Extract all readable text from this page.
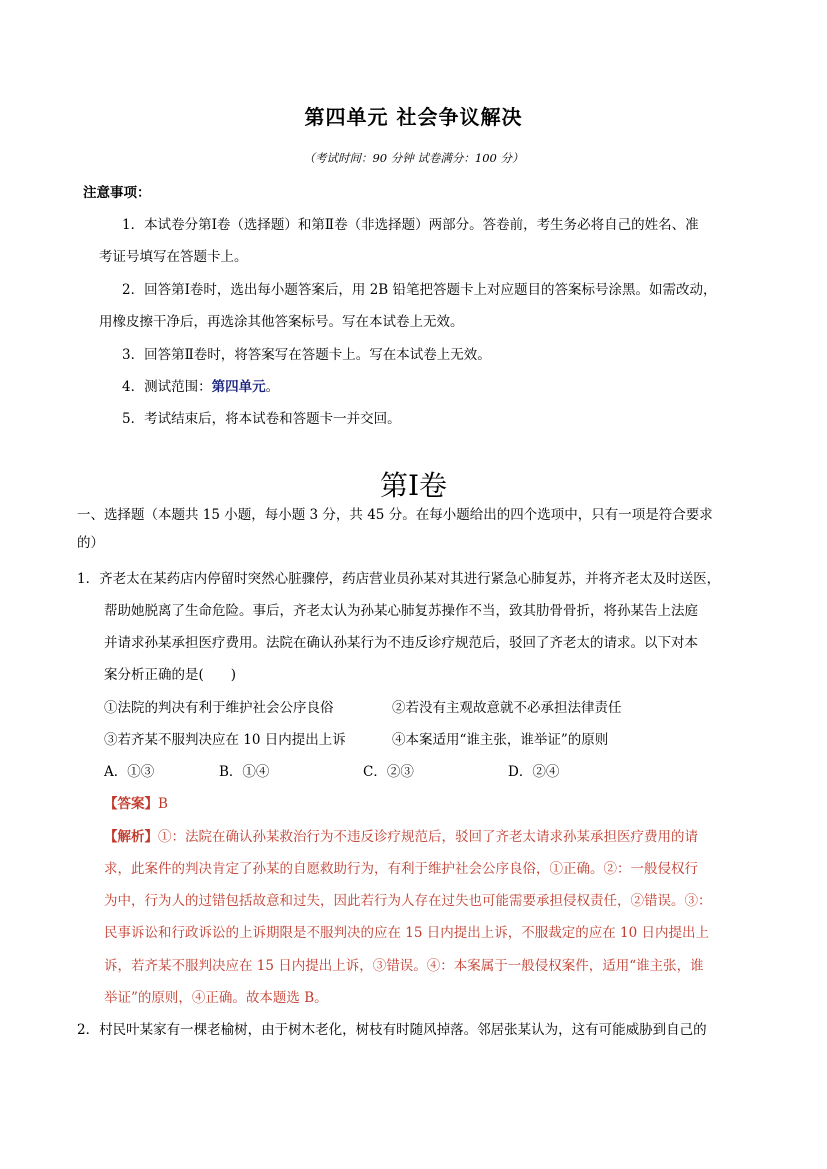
第四单元 社会争议解决
（考试时间：90 分钟 试卷满分：100 分）
注意事项：
1．本试卷分第Ⅰ卷（选择题）和第Ⅱ卷（非选择题）两部分。答卷前，考生务必将自己的姓名、准
考证号填写在答题卡上。
2．回答第Ⅰ卷时，选出每小题答案后，用 2B 铅笔把答题卡上对应题目的答案标号涂黑。如需改动，
用橡皮擦干净后，再选涂其他答案标号。写在本试卷上无效。
3．回答第Ⅱ卷时，将答案写在答题卡上。写在本试卷上无效。
4．测试范围：第四单元。
5．考试结束后，将本试卷和答题卡一并交回。
第Ⅰ卷
一、选择题（本题共 15 小题，每小题 3 分，共 45 分。在每小题给出的四个选项中，只有一项是符合要求
的）
1．齐老太在某药店内停留时突然心脏骤停，药店营业员孙某对其进行紧急心肺复苏，并将齐老太及时送医，
帮助她脱离了生命危险。事后，齐老太认为孙某心肺复苏操作不当，致其肋骨骨折，将孙某告上法庭
并请求孙某承担医疗费用。法院在确认孙某行为不违反诊疗规范后，驳回了齐老太的请求。以下对本
案分析正确的是(　　)
①法院的判决有利于维护社会公序良俗	②若没有主观故意就不必承担法律责任
③若齐某不服判决应在 10 日内提出上诉	④本案适用“谁主张，谁举证”的原则
A．①③	B．①④	C．②③	D．②④
【答案】B
【解析】①：法院在确认孙某救治行为不违反诊疗规范后，驳回了齐老太请求孙某承担医疗费用的请
求，此案件的判决肯定了孙某的自愿救助行为，有利于维护社会公序良俗，①正确。②：一般侵权行
为中，行为人的过错包括故意和过失，因此若行为人存在过失也可能需要承担侵权责任，②错误。③：
民事诉讼和行政诉讼的上诉期限是不服判决的应在 15 日内提出上诉，不服裁定的应在 10 日内提出上
诉，若齐某不服判决应在 15 日内提出上诉，③错误。④：本案属于一般侵权案件，适用“谁主张，谁
举证”的原则，④正确。故本题选 B。
2．村民叶某家有一棵老榆树，由于树木老化，树枝有时随风掉落。邻居张某认为，这有可能威胁到自己的
